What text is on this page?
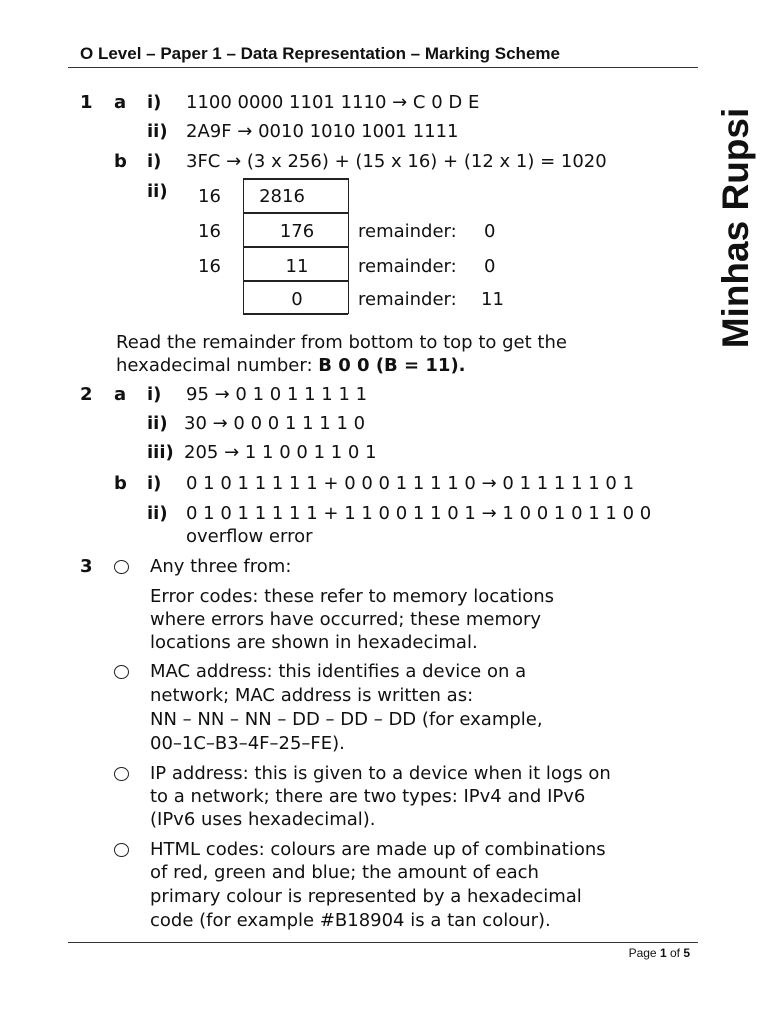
O Level – Paper 1 – Data Representation – Marking Scheme
Minhas Rupsi
1 a i) 1100 0000 1101 1110 → C 0 D E
ii) 2A9F → 0010 1010 1001 1111
b i) 3FC → (3 x 256) + (15 x 16) + (12 x 1) = 1020
ii) 16
16
16
2816
176
11
0
remainder: 0
remainder: 0
remainder: 11
Read the remainder from bottom to top to get the
hexadecimal number: B 0 0 (B = 11).
2 a i) 95 → 0 1 0 1 1 1 1 1
ii) 30 → 0 0 0 1 1 1 1 0
iii) 205 → 1 1 0 0 1 1 0 1
b i) 0 1 0 1 1 1 1 1 + 0 0 0 1 1 1 1 0 → 0 1 1 1 1 1 0 1
ii) 0 1 0 1 1 1 1 1 + 1 1 0 0 1 1 0 1 → 1 0 0 1 0 1 1 0 0
overflow error
3	Any three from:
Error codes: these refer to memory locations
where errors have occurred; these memory
locations are shown in hexadecimal.
MAC address: this identifies a device on a
network; MAC address is written as:
NN – NN – NN – DD – DD – DD (for example,
00–1C–B3–4F–25–FE).
IP address: this is given to a device when it logs on
to a network; there are two types: IPv4 and IPv6
(IPv6 uses hexadecimal).
HTML codes: colours are made up of combinations
of red, green and blue; the amount of each
primary colour is represented by a hexadecimal
code (for example #B18904 is a tan colour).
Page 1 of 5
